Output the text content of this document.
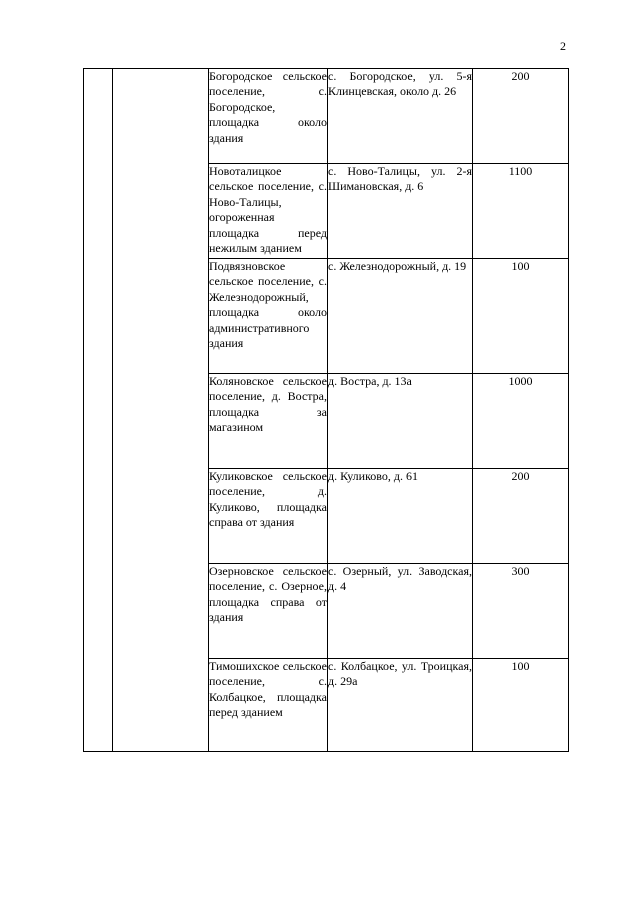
2

		Богородское сельское поселение, с. Богородское, площадка около здания	с. Богородское, ул. 5-я Клинцевская, около д. 26	200

		Новоталицкое сельское поселение, с. Ново-Талицы, огороженная площадка перед нежилым зданием	с. Ново-Талицы, ул. 2-я Шимановская, д. 6	1100

		Подвязновское сельское поселение, с. Железнодорожный, площадка около административного здания	с. Железнодорожный, д. 19	100

		Коляновское сельское поселение, д. Востра, площадка за магазином	д. Востра, д. 13а	1000

		Куликовское сельское поселение, д. Куликово, площадка справа от здания	д. Куликово, д. 61	200

		Озерновское сельское поселение, с. Озерное, площадка справа от здания	с. Озерный, ул. Заводская, д. 4	300

		Тимошихское сельское поселение, с. Колбацкое, площадка перед зданием	с. Колбацкое, ул. Троицкая, д. 29а	100
